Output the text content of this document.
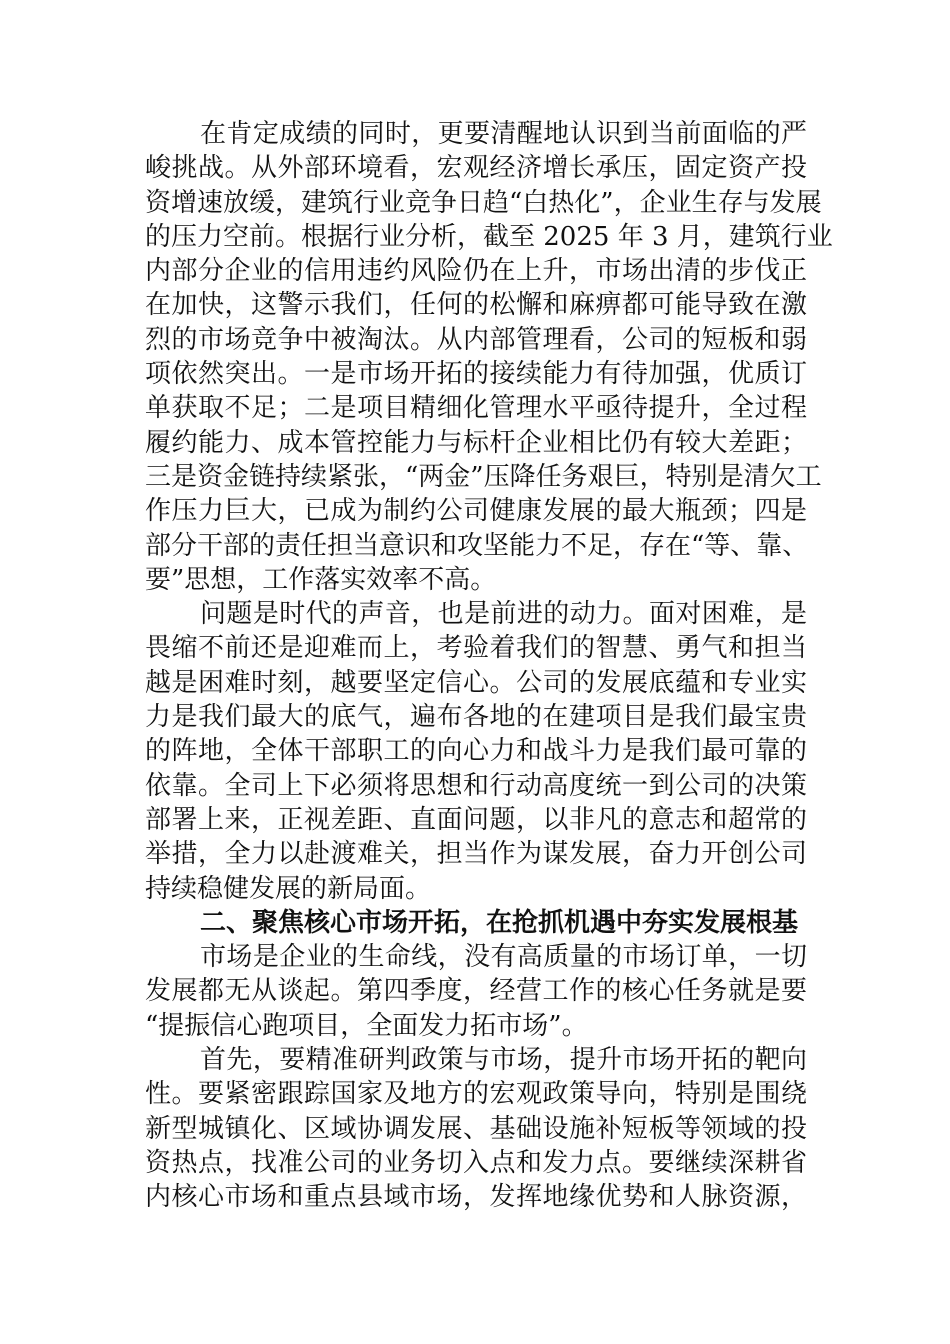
在肯定成绩的同时，更要清醒地认识到当前面临的严
峻挑战。从外部环境看，宏观经济增长承压，固定资产投
资增速放缓，建筑行业竞争日趋“白热化”，企业生存与发展
的压力空前。根据行业分析，截至 2025 年 3 月，建筑行业
内部分企业的信用违约风险仍在上升，市场出清的步伐正
在加快，这警示我们，任何的松懈和麻痹都可能导致在激
烈的市场竞争中被淘汰。从内部管理看，公司的短板和弱
项依然突出。一是市场开拓的接续能力有待加强，优质订
单获取不足；二是项目精细化管理水平亟待提升，全过程
履约能力、成本管控能力与标杆企业相比仍有较大差距；
三是资金链持续紧张，“两金”压降任务艰巨，特别是清欠工
作压力巨大，已成为制约公司健康发展的最大瓶颈；四是
部分干部的责任担当意识和攻坚能力不足，存在“等、靠、
要”思想，工作落实效率不高。
问题是时代的声音，也是前进的动力。面对困难，是
畏缩不前还是迎难而上，考验着我们的智慧、勇气和担当
越是困难时刻，越要坚定信心。公司的发展底蕴和专业实
力是我们最大的底气，遍布各地的在建项目是我们最宝贵
的阵地，全体干部职工的向心力和战斗力是我们最可靠的
依靠。全司上下必须将思想和行动高度统一到公司的决策
部署上来，正视差距、直面问题，以非凡的意志和超常的
举措，全力以赴渡难关，担当作为谋发展，奋力开创公司
持续稳健发展的新局面。
二、聚焦核心市场开拓，在抢抓机遇中夯实发展根基
市场是企业的生命线，没有高质量的市场订单，一切
发展都无从谈起。第四季度，经营工作的核心任务就是要
“提振信心跑项目，全面发力拓市场”。
首先，要精准研判政策与市场，提升市场开拓的靶向
性。要紧密跟踪国家及地方的宏观政策导向，特别是围绕
新型城镇化、区域协调发展、基础设施补短板等领域的投
资热点，找准公司的业务切入点和发力点。要继续深耕省
内核心市场和重点县域市场，发挥地缘优势和人脉资源，
